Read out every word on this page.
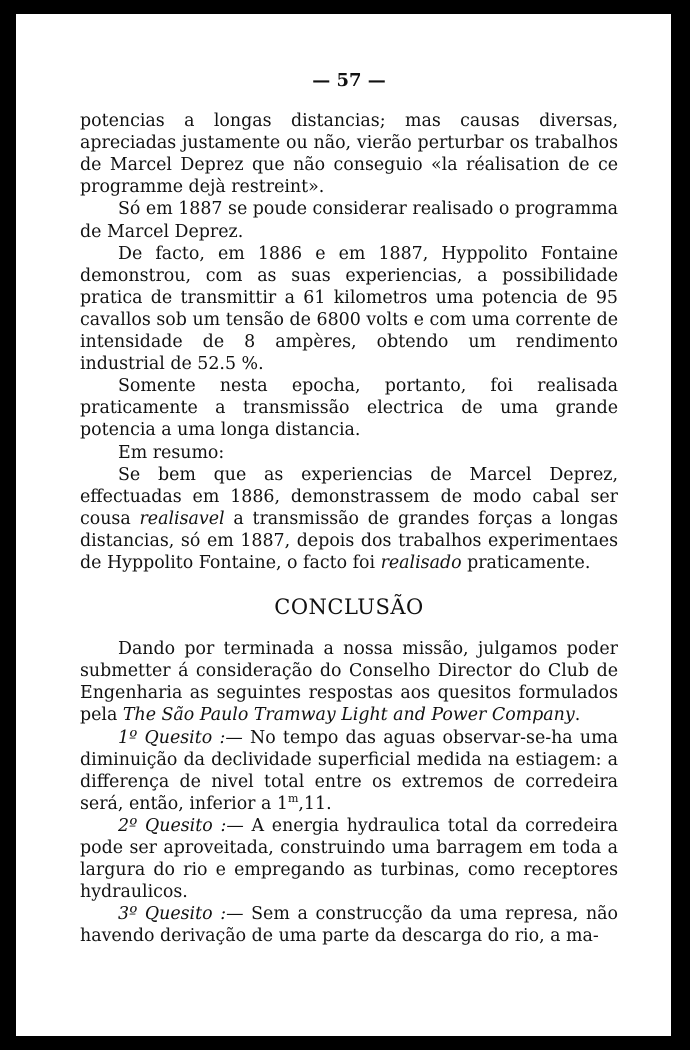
— 57 —

potencias a longas distancias; mas causas diversas, apreciadas justamente ou não, vierão perturbar os trabalhos de Marcel Deprez que não conseguio «la réalisation de ce programme dejà restreint».

Só em 1887 se poude considerar realisado o programma de Marcel Deprez.

De facto, em 1886 e em 1887, Hyppolito Fontaine demonstrou, com as suas experiencias, a possibilidade pratica de transmittir a 61 kilometros uma potencia de 95 cavallos sob um tensão de 6800 volts e com uma corrente de intensidade de 8 ampères, obtendo um rendimento industrial de 52.5 %.

Somente nesta epocha, portanto, foi realisada praticamente a transmissão electrica de uma grande potencia a uma longa distancia.

Em resumo:

Se bem que as experiencias de Marcel Deprez, effectuadas em 1886, demonstrassem de modo cabal ser cousa realisavel a transmissão de grandes forças a longas distancias, só em 1887, depois dos trabalhos experimentaes de Hyppolito Fontaine, o facto foi realisado praticamente.

CONCLUSÃO

Dando por terminada a nossa missão, julgamos poder submetter á consideração do Conselho Director do Club de Engenharia as seguintes respostas aos quesitos formulados pela The São Paulo Tramway Light and Power Company.

1º Quesito :— No tempo das aguas observar-se-ha uma diminuição da declividade superficial medida na estiagem: a differença de nivel total entre os extremos de corredeira será, então, inferior a 1$^m$,11.

2º Quesito :— A energia hydraulica total da corredeira pode ser aproveitada, construindo uma barragem em toda a largura do rio e empregando as turbinas, como receptores hydraulicos.

3º Quesito :— Sem a construcção da uma represa, não havendo derivação de uma parte da descarga do rio, a ma-
